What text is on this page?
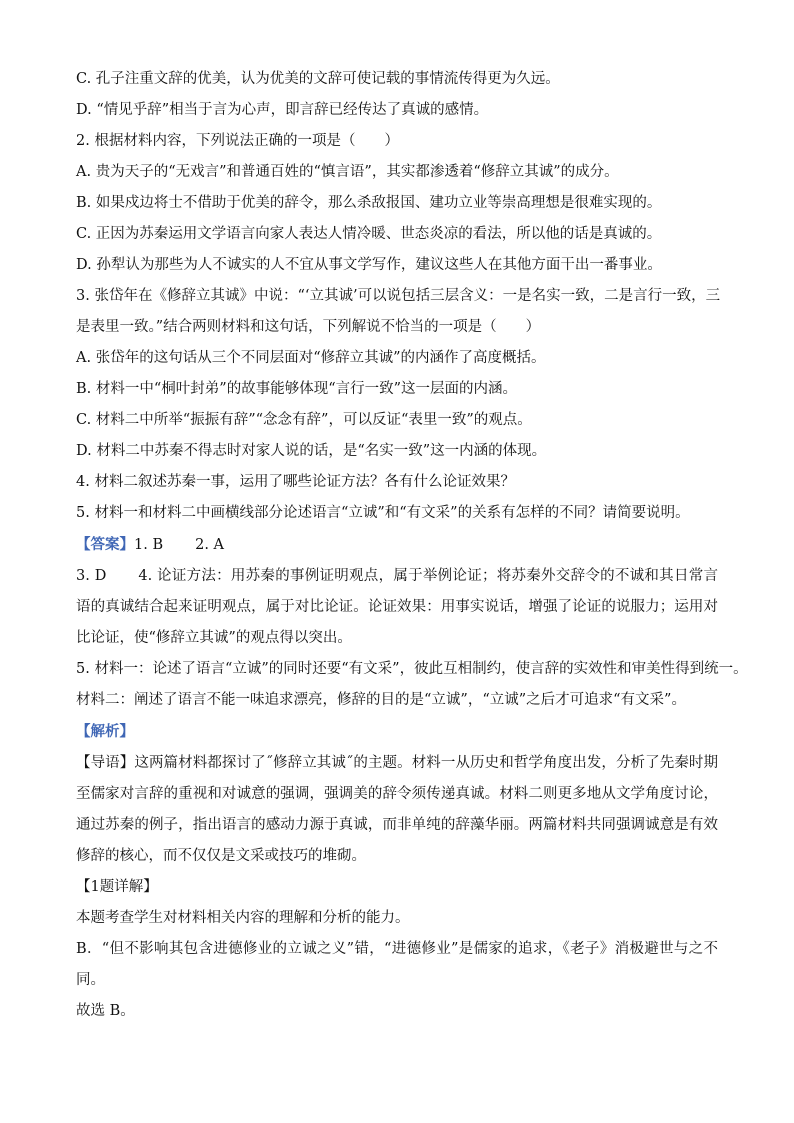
C. 孔子注重文辞的优美，认为优美的文辞可使记载的事情流传得更为久远。

D. “情见乎辞”相当于言为心声，即言辞已经传达了真诚的感情。

2. 根据材料内容，下列说法正确的一项是（　　）

A. 贵为天子的“无戏言”和普通百姓的“慎言语”，其实都渗透着“修辞立其诚”的成分。

B. 如果戍边将士不借助于优美的辞令，那么杀敌报国、建功立业等崇高理想是很难实现的。

C. 正因为苏秦运用文学语言向家人表达人情冷暖、世态炎凉的看法，所以他的话是真诚的。

D. 孙犁认为那些为人不诚实的人不宜从事文学写作，建议这些人在其他方面干出一番事业。

3. 张岱年在《修辞立其诚》中说：“‘立其诚’可以说包括三层含义：一是名实一致，二是言行一致，三

是表里一致。”结合两则材料和这句话，下列解说不恰当的一项是（　　）

A. 张岱年的这句话从三个不同层面对“修辞立其诚”的内涵作了高度概括。

B. 材料一中“桐叶封弟”的故事能够体现“言行一致”这一层面的内涵。

C. 材料二中所举“振振有辞”“念念有辞”，可以反证“表里一致”的观点。

D. 材料二中苏秦不得志时对家人说的话，是“名实一致”这一内涵的体现。

4. 材料二叙述苏秦一事，运用了哪些论证方法？各有什么论证效果？

5. 材料一和材料二中画横线部分论述语言“立诚”和“有文采”的关系有怎样的不同？请简要说明。

【答案】1. B 2. A

3. D 4. 论证方法：用苏秦的事例证明观点，属于举例论证；将苏秦外交辞令的不诚和其日常言语的真诚结合起来证明观点，属于对比论证。论证效果：用事实说话，增强了论证的说服力；运用对比论证，使“修辞立其诚”的观点得以突出。

5. 材料一：论述了语言“立诚”的同时还要“有文采”，彼此互相制约，使言辞的实效性和审美性得到统一。

材料二：阐述了语言不能一味追求漂亮，修辞的目的是“立诚”，“立诚”之后才可追求“有文采”。

【解析】

【导语】这两篇材料都探讨了˝修辞立其诚˝的主题。材料一从历史和哲学角度出发，分析了先秦时期至儒家对言辞的重视和对诚意的强调，强调美的辞令须传递真诚。材料二则更多地从文学角度讨论，通过苏秦的例子，指出语言的感动力源于真诚，而非单纯的辞藻华丽。两篇材料共同强调诚意是有效修辞的核心，而不仅仅是文采或技巧的堆砌。

【1题详解】

本题考查学生对材料相关内容的理解和分析的能力。

B．“但不影响其包含进德修业的立诚之义”错，“进德修业”是儒家的追求，《老子》消极避世与之不同。

故选 B。
